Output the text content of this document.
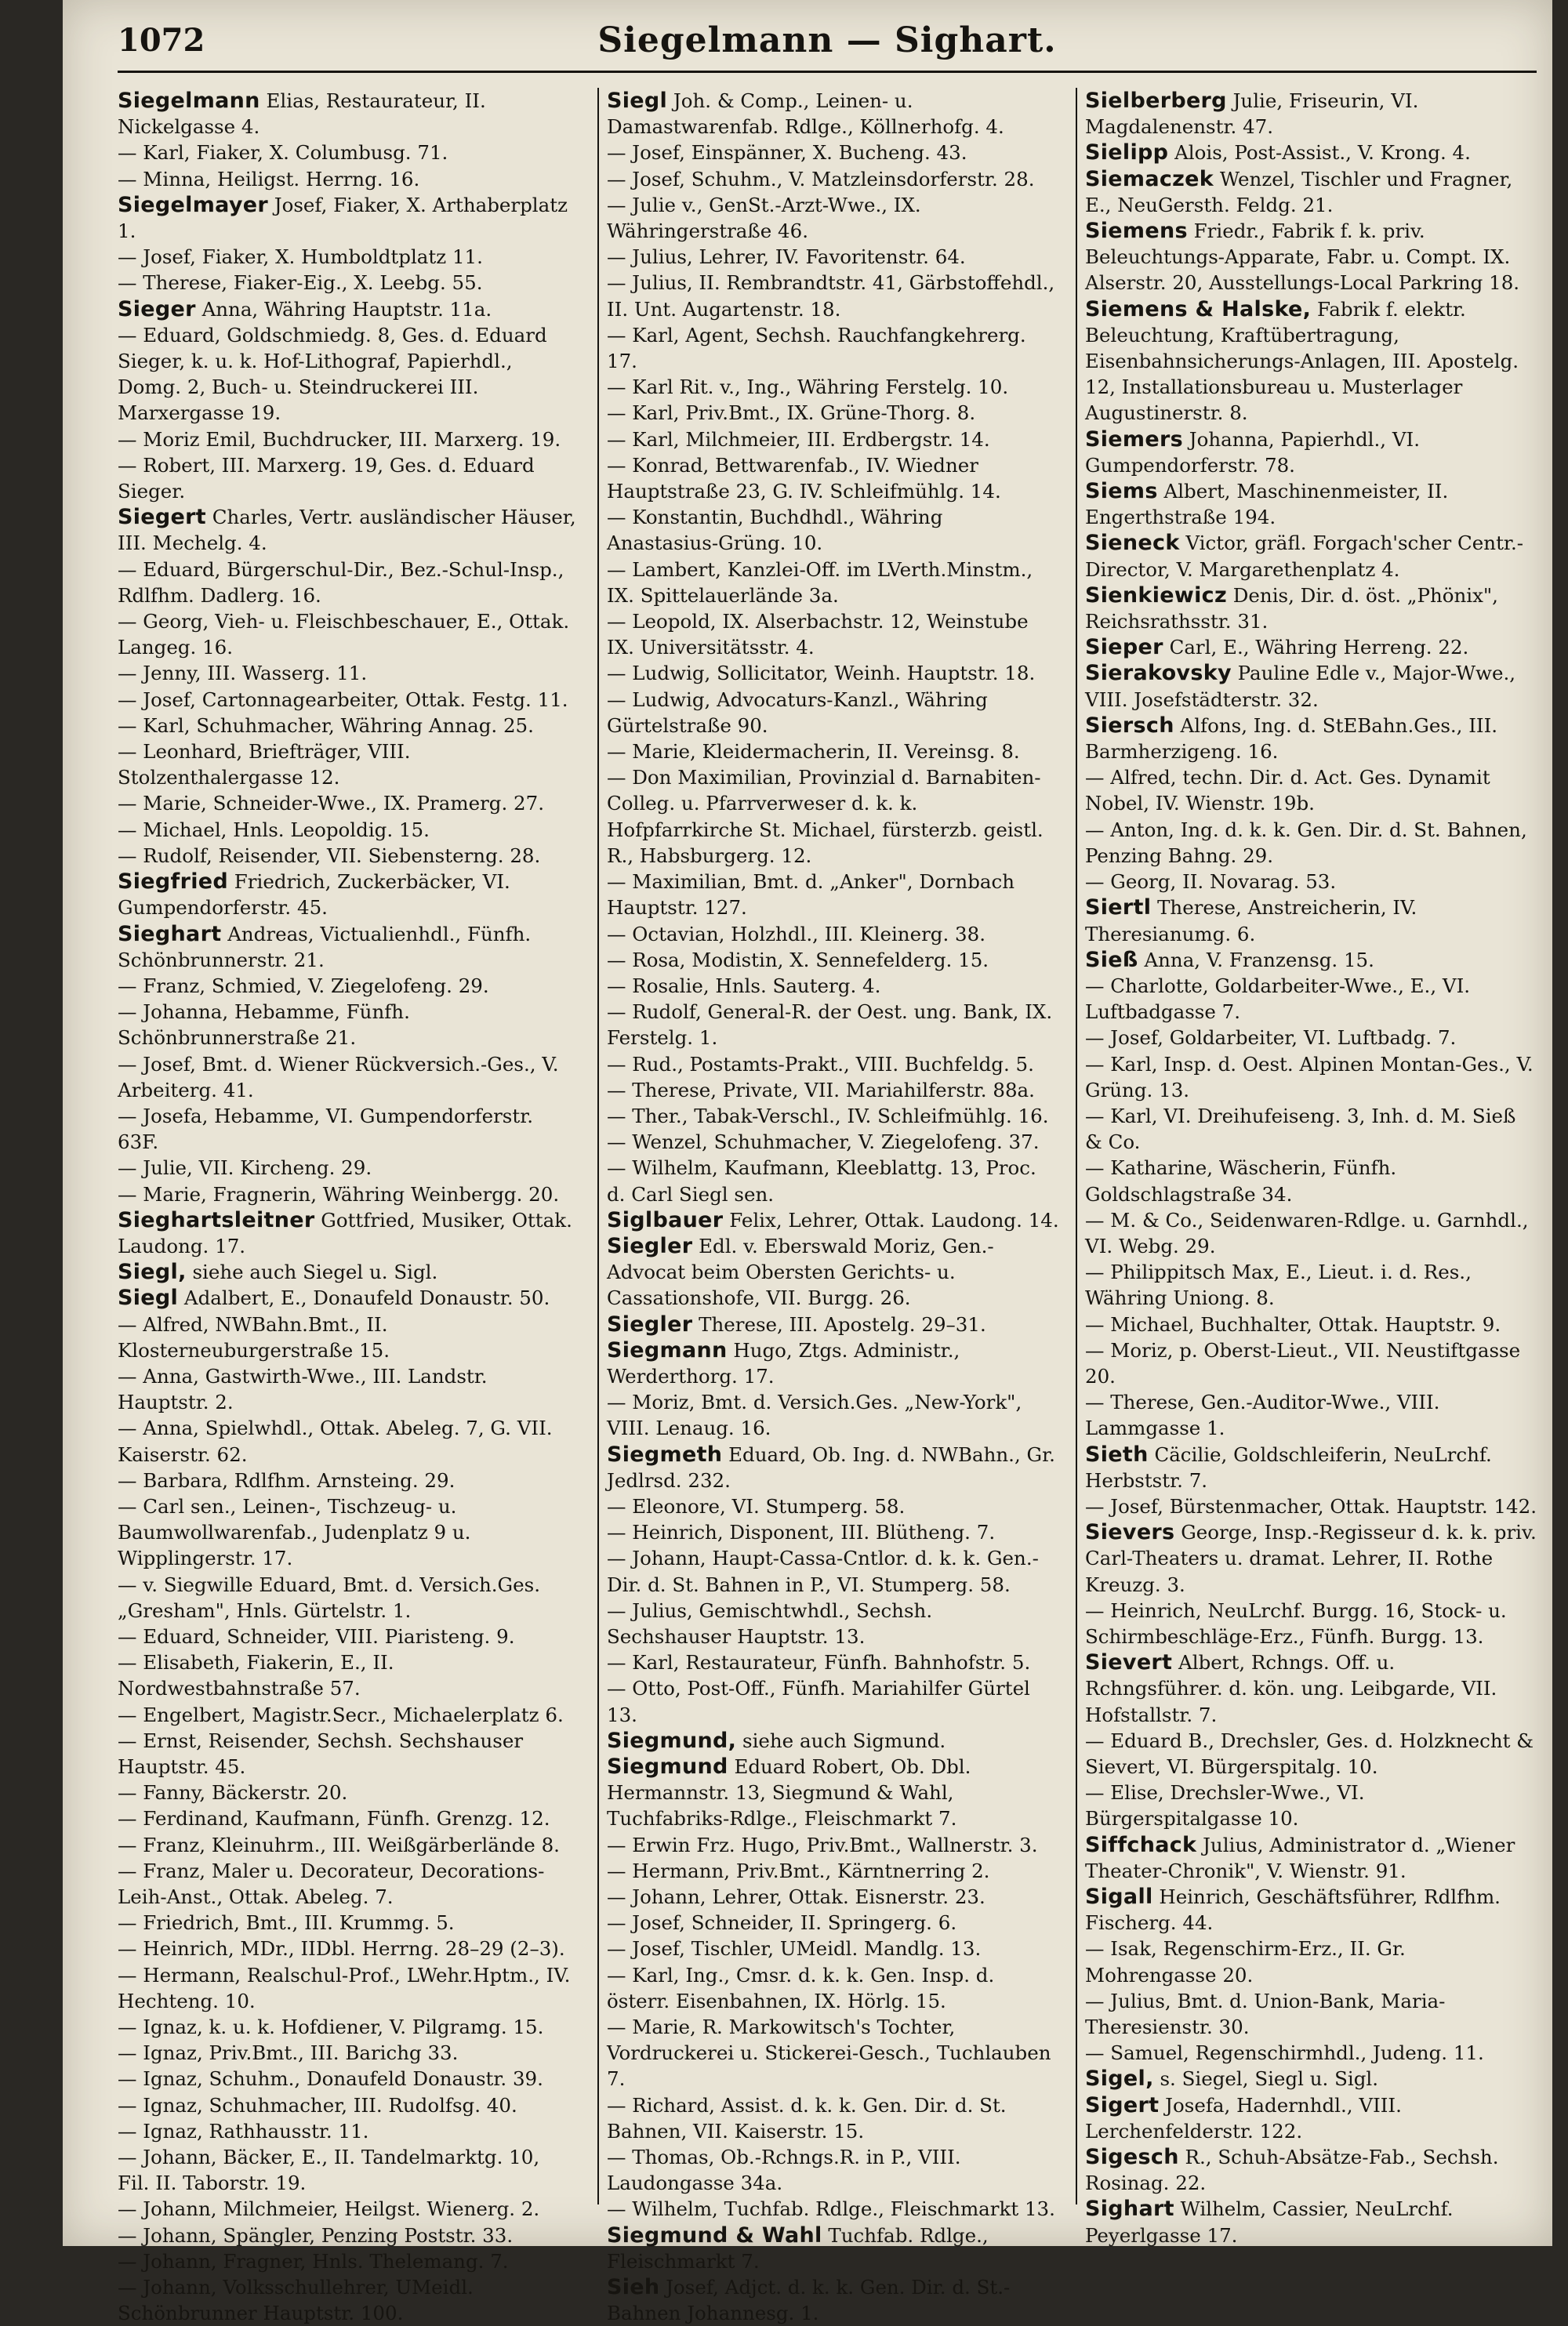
1072	Siegelmann — Sighart.

Siegelmann Elias, Restaurateur, II. Nickelgasse 4.

— Karl, Fiaker, X. Columbusg. 71.

— Minna, Heiligst. Herrng. 16.

Siegelmayer Josef, Fiaker, X. Arthaberplatz 1.

— Josef, Fiaker, X. Humboldtplatz 11.

— Therese, Fiaker-Eig., X. Leebg. 55.

Sieger Anna, Währing Hauptstr. 11a.

— Eduard, Goldschmiedg. 8, Ges. d. Eduard Sieger, k. u. k. Hof-Lithograf, Papierhdl., Domg. 2, Buch- u. Steindruckerei III. Marxergasse 19.

— Moriz Emil, Buchdrucker, III. Marxerg. 19.

— Robert, III. Marxerg. 19, Ges. d. Eduard Sieger.

Siegert Charles, Vertr. ausländischer Häuser, III. Mechelg. 4.

— Eduard, Bürgerschul-Dir., Bez.-Schul-Insp., Rdlfhm. Dadlerg. 16.

— Georg, Vieh- u. Fleischbeschauer, E., Ottak. Langeg. 16.

— Jenny, III. Wasserg. 11.

— Josef, Cartonnagearbeiter, Ottak. Festg. 11.

— Karl, Schuhmacher, Währing Annag. 25.

— Leonhard, Briefträger, VIII. Stolzenthalergasse 12.

— Marie, Schneider-Wwe., IX. Pramerg. 27.

— Michael, Hnls. Leopoldig. 15.

— Rudolf, Reisender, VII. Siebensterng. 28.

Siegfried Friedrich, Zuckerbäcker, VI. Gumpendorferstr. 45.

Sieghart Andreas, Victualienhdl., Fünfh. Schönbrunnerstr. 21.

— Franz, Schmied, V. Ziegelofeng. 29.

— Johanna, Hebamme, Fünfh. Schönbrunnerstraße 21.

— Josef, Bmt. d. Wiener Rückversich.-Ges., V. Arbeiterg. 41.

— Josefa, Hebamme, VI. Gumpendorferstr. 63F.

— Julie, VII. Kircheng. 29.

— Marie, Fragnerin, Währing Weinbergg. 20.

Sieghartsleitner Gottfried, Musiker, Ottak. Laudong. 17.

Siegl, siehe auch Siegel u. Sigl.

Siegl Adalbert, E., Donaufeld Donaustr. 50.

— Alfred, NWBahn.Bmt., II. Klosterneuburgerstraße 15.

— Anna, Gastwirth-Wwe., III. Landstr. Hauptstr. 2.

— Anna, Spielwhdl., Ottak. Abeleg. 7, G. VII. Kaiserstr. 62.

— Barbara, Rdlfhm. Arnsteing. 29.

— Carl sen., Leinen-, Tischzeug- u. Baumwollwarenfab., Judenplatz 9 u. Wipplingerstr. 17.

— v. Siegwille Eduard, Bmt. d. Versich.Ges. „Gresham", Hnls. Gürtelstr. 1.

— Eduard, Schneider, VIII. Piaristeng. 9.

— Elisabeth, Fiakerin, E., II. Nordwestbahnstraße 57.

— Engelbert, Magistr.Secr., Michaelerplatz 6.

— Ernst, Reisender, Sechsh. Sechshauser Hauptstr. 45.

— Fanny, Bäckerstr. 20.

— Ferdinand, Kaufmann, Fünfh. Grenzg. 12.

— Franz, Kleinuhrm., III. Weißgärberlände 8.

— Franz, Maler u. Decorateur, Decorations-Leih-Anst., Ottak. Abeleg. 7.

— Friedrich, Bmt., III. Krummg. 5.

— Heinrich, MDr., IIDbl. Herrng. 28–29 (2–3).

— Hermann, Realschul-Prof., LWehr.Hptm., IV. Hechteng. 10.

— Ignaz, k. u. k. Hofdiener, V. Pilgramg. 15.

— Ignaz, Priv.Bmt., III. Barichg 33.

— Ignaz, Schuhm., Donaufeld Donaustr. 39.

— Ignaz, Schuhmacher, III. Rudolfsg. 40.

— Ignaz, Rathhausstr. 11.

— Johann, Bäcker, E., II. Tandelmarktg. 10, Fil. II. Taborstr. 19.

— Johann, Milchmeier, Heilgst. Wienerg. 2.

— Johann, Spängler, Penzing Poststr. 33.

— Johann, Fragner, Hnls. Thelemang. 7.

— Johann, Volksschullehrer, UMeidl. Schönbrunner Hauptstr. 100.

Siegl Joh. & Comp., Leinen- u. Damastwarenfab. Rdlge., Köllnerhofg. 4.

— Josef, Einspänner, X. Bucheng. 43.

— Josef, Schuhm., V. Matzleinsdorferstr. 28.

— Julie v., GenSt.-Arzt-Wwe., IX. Währingerstraße 46.

— Julius, Lehrer, IV. Favoritenstr. 64.

— Julius, II. Rembrandtstr. 41, Gärbstoffehdl., II. Unt. Augartenstr. 18.

— Karl, Agent, Sechsh. Rauchfangkehrerg. 17.

— Karl Rit. v., Ing., Währing Ferstelg. 10.

— Karl, Priv.Bmt., IX. Grüne-Thorg. 8.

— Karl, Milchmeier, III. Erdbergstr. 14.

— Konrad, Bettwarenfab., IV. Wiedner Hauptstraße 23, G. IV. Schleifmühlg. 14.

— Konstantin, Buchdhdl., Währing Anastasius-Grüng. 10.

— Lambert, Kanzlei-Off. im LVerth.Minstm., IX. Spittelauerlände 3a.

— Leopold, IX. Alserbachstr. 12, Weinstube IX. Universitätsstr. 4.

— Ludwig, Sollicitator, Weinh. Hauptstr. 18.

— Ludwig, Advocaturs-Kanzl., Währing Gürtelstraße 90.

— Marie, Kleidermacherin, II. Vereinsg. 8.

— Don Maximilian, Provinzial d. Barnabiten-Colleg. u. Pfarrverweser d. k. k. Hofpfarrkirche St. Michael, fürsterzb. geistl. R., Habsburgerg. 12.

— Maximilian, Bmt. d. „Anker", Dornbach Hauptstr. 127.

— Octavian, Holzhdl., III. Kleinerg. 38.

— Rosa, Modistin, X. Sennefelderg. 15.

— Rosalie, Hnls. Sauterg. 4.

— Rudolf, General-R. der Oest. ung. Bank, IX. Ferstelg. 1.

— Rud., Postamts-Prakt., VIII. Buchfeldg. 5.

— Therese, Private, VII. Mariahilferstr. 88a.

— Ther., Tabak-Verschl., IV. Schleifmühlg. 16.

— Wenzel, Schuhmacher, V. Ziegelofeng. 37.

— Wilhelm, Kaufmann, Kleeblattg. 13, Proc. d. Carl Siegl sen.

Siglbauer Felix, Lehrer, Ottak. Laudong. 14.

Siegler Edl. v. Eberswald Moriz, Gen.-Advocat beim Obersten Gerichts- u. Cassationshofe, VII. Burgg. 26.

Siegler Therese, III. Apostelg. 29–31.

Siegmann Hugo, Ztgs. Administr., Werderthorg. 17.

— Moriz, Bmt. d. Versich.Ges. „New-York", VIII. Lenaug. 16.

Siegmeth Eduard, Ob. Ing. d. NWBahn., Gr. Jedlrsd. 232.

— Eleonore, VI. Stumperg. 58.

— Heinrich, Disponent, III. Blütheng. 7.

— Johann, Haupt-Cassa-Cntlor. d. k. k. Gen.-Dir. d. St. Bahnen in P., VI. Stumperg. 58.

— Julius, Gemischtwhdl., Sechsh. Sechshauser Hauptstr. 13.

— Karl, Restaurateur, Fünfh. Bahnhofstr. 5.

— Otto, Post-Off., Fünfh. Mariahilfer Gürtel 13.

Siegmund, siehe auch Sigmund.

Siegmund Eduard Robert, Ob. Dbl. Hermannstr. 13, Siegmund & Wahl, Tuchfabriks-Rdlge., Fleischmarkt 7.

— Erwin Frz. Hugo, Priv.Bmt., Wallnerstr. 3.

— Hermann, Priv.Bmt., Kärntnerring 2.

— Johann, Lehrer, Ottak. Eisnerstr. 23.

— Josef, Schneider, II. Springerg. 6.

— Josef, Tischler, UMeidl. Mandlg. 13.

— Karl, Ing., Cmsr. d. k. k. Gen. Insp. d. österr. Eisenbahnen, IX. Hörlg. 15.

— Marie, R. Markowitsch's Tochter, Vordruckerei u. Stickerei-Gesch., Tuchlauben 7.

— Richard, Assist. d. k. k. Gen. Dir. d. St. Bahnen, VII. Kaiserstr. 15.

— Thomas, Ob.-Rchngs.R. in P., VIII. Laudongasse 34a.

— Wilhelm, Tuchfab. Rdlge., Fleischmarkt 13.

Siegmund & Wahl Tuchfab. Rdlge., Fleischmarkt 7.

Sieh Josef, Adjct. d. k. k. Gen. Dir. d. St.-Bahnen Johannesg. 1.

Sielberberg Julie, Friseurin, VI. Magdalenenstr. 47.

Sielipp Alois, Post-Assist., V. Krong. 4.

Siemaczek Wenzel, Tischler und Fragner, E., NeuGersth. Feldg. 21.

Siemens Friedr., Fabrik f. k. priv. Beleuchtungs-Apparate, Fabr. u. Compt. IX. Alserstr. 20, Ausstellungs-Local Parkring 18.

Siemens & Halske, Fabrik f. elektr. Beleuchtung, Kraftübertragung, Eisenbahnsicherungs-Anlagen, III. Apostelg. 12, Installationsbureau u. Musterlager Augustinerstr. 8.

Siemers Johanna, Papierhdl., VI. Gumpendorferstr. 78.

Siems Albert, Maschinenmeister, II. Engerthstraße 194.

Sieneck Victor, gräfl. Forgach'scher Centr.-Director, V. Margarethenplatz 4.

Sienkiewicz Denis, Dir. d. öst. „Phönix", Reichsrathsstr. 31.

Sieper Carl, E., Währing Herreng. 22.

Sierakovsky Pauline Edle v., Major-Wwe., VIII. Josefstädterstr. 32.

Siersch Alfons, Ing. d. StEBahn.Ges., III. Barmherzigeng. 16.

— Alfred, techn. Dir. d. Act. Ges. Dynamit Nobel, IV. Wienstr. 19b.

— Anton, Ing. d. k. k. Gen. Dir. d. St. Bahnen, Penzing Bahng. 29.

— Georg, II. Novarag. 53.

Siertl Therese, Anstreicherin, IV. Theresianumg. 6.

Sieß Anna, V. Franzensg. 15.

— Charlotte, Goldarbeiter-Wwe., E., VI. Luftbadgasse 7.

— Josef, Goldarbeiter, VI. Luftbadg. 7.

— Karl, Insp. d. Oest. Alpinen Montan-Ges., V. Grüng. 13.

— Karl, VI. Dreihufeiseng. 3, Inh. d. M. Sieß & Co.

— Katharine, Wäscherin, Fünfh. Goldschlagstraße 34.

— M. & Co., Seidenwaren-Rdlge. u. Garnhdl., VI. Webg. 29.

— Philippitsch Max, E., Lieut. i. d. Res., Währing Uniong. 8.

— Michael, Buchhalter, Ottak. Hauptstr. 9.

— Moriz, p. Oberst-Lieut., VII. Neustiftgasse 20.

— Therese, Gen.-Auditor-Wwe., VIII. Lammgasse 1.

Sieth Cäcilie, Goldschleiferin, NeuLrchf. Herbststr. 7.

— Josef, Bürstenmacher, Ottak. Hauptstr. 142.

Sievers George, Insp.-Regisseur d. k. k. priv. Carl-Theaters u. dramat. Lehrer, II. Rothe Kreuzg. 3.

— Heinrich, NeuLrchf. Burgg. 16, Stock- u. Schirmbeschläge-Erz., Fünfh. Burgg. 13.

Sievert Albert, Rchngs. Off. u. Rchngsführer. d. kön. ung. Leibgarde, VII. Hofstallstr. 7.

— Eduard B., Drechsler, Ges. d. Holzknecht & Sievert, VI. Bürgerspitalg. 10.

— Elise, Drechsler-Wwe., VI. Bürgerspitalgasse 10.

Siffchack Julius, Administrator d. „Wiener Theater-Chronik", V. Wienstr. 91.

Sigall Heinrich, Geschäftsführer, Rdlfhm. Fischerg. 44.

— Isak, Regenschirm-Erz., II. Gr. Mohrengasse 20.

— Julius, Bmt. d. Union-Bank, Maria-Theresienstr. 30.

— Samuel, Regenschirmhdl., Judeng. 11.

Sigel, s. Siegel, Siegl u. Sigl.

Sigert Josefa, Hadernhdl., VIII. Lerchenfelderstr. 122.

Sigesch R., Schuh-Absätze-Fab., Sechsh. Rosinag. 22.

Sighart Wilhelm, Cassier, NeuLrchf. Peyerlgasse 17.
